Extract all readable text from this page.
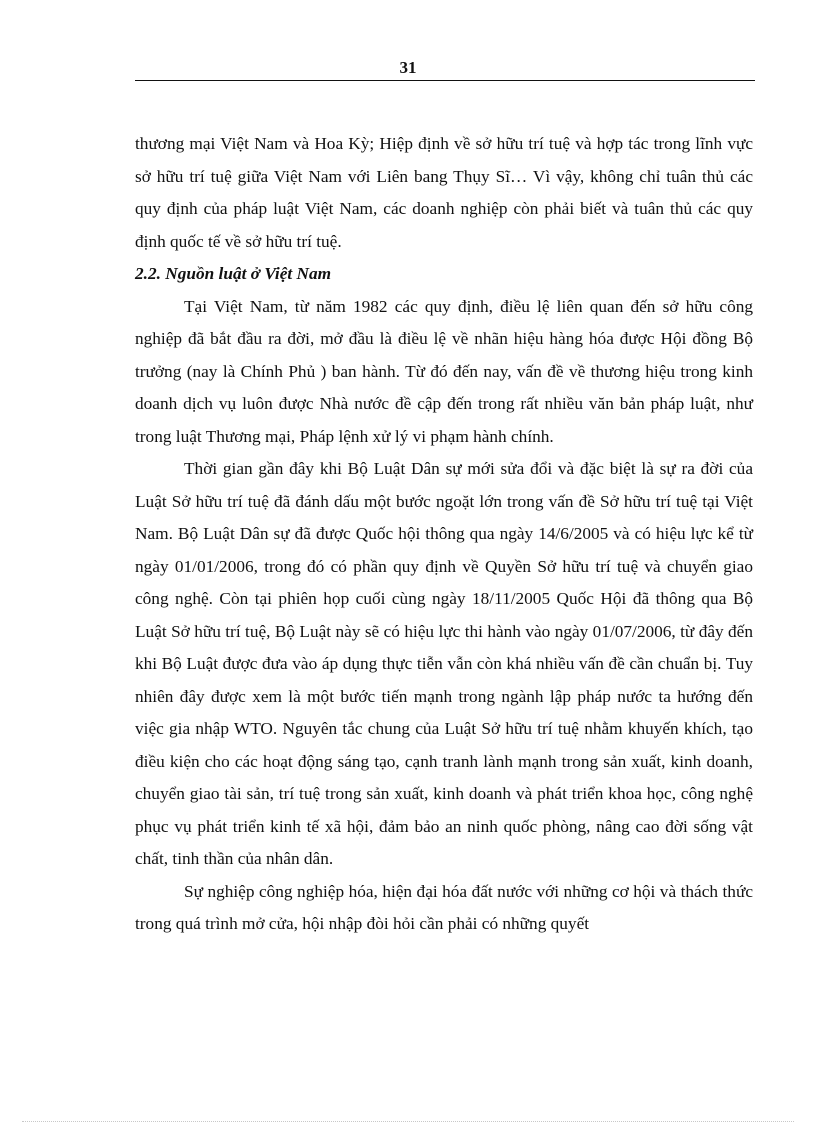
31

thương mại Việt Nam và Hoa Kỳ; Hiệp định về sở hữu trí tuệ và hợp tác trong lĩnh vực sở hữu trí tuệ giữa Việt Nam với Liên bang Thụy Sĩ… Vì vậy, không chỉ tuân thủ các quy định của pháp luật Việt Nam, các doanh nghiệp còn phải biết và tuân thủ các quy định quốc tế về sở hữu trí tuệ.

2.2. Nguồn luật ở Việt Nam

Tại Việt Nam, từ năm 1982 các quy định, điều lệ liên quan đến sở hữu công nghiệp đã bắt đầu ra đời, mở đầu là điều lệ về nhãn hiệu hàng hóa được Hội đồng Bộ trưởng (nay là Chính Phủ ) ban hành. Từ đó đến nay, vấn đề về thương hiệu trong kinh doanh dịch vụ luôn được Nhà nước đề cập đến trong rất nhiều văn bản pháp luật, như trong luật Thương mại, Pháp lệnh xử lý vi phạm hành chính.

Thời gian gần đây khi Bộ Luật Dân sự mới sửa đổi và đặc biệt là sự ra đời của Luật Sở hữu trí tuệ đã đánh dấu một bước ngoặt lớn trong vấn đề Sở hữu trí tuệ tại Việt Nam. Bộ Luật Dân sự đã được Quốc hội thông qua ngày 14/6/2005 và có hiệu lực kể từ ngày 01/01/2006, trong đó có phần quy định về Quyền Sở hữu trí tuệ và chuyển giao công nghệ. Còn tại phiên họp cuối cùng ngày 18/11/2005 Quốc Hội đã thông qua Bộ Luật Sở hữu trí tuệ, Bộ Luật này sẽ có hiệu lực thi hành vào ngày 01/07/2006, từ đây đến khi Bộ Luật được đưa vào áp dụng thực tiễn vẫn còn khá nhiều vấn đề cần chuẩn bị. Tuy nhiên đây được xem là một bước tiến mạnh trong ngành lập pháp nước ta hướng đến việc gia nhập WTO. Nguyên tắc chung của Luật Sở hữu trí tuệ nhằm khuyến khích, tạo điều kiện cho các hoạt động sáng tạo, cạnh tranh lành mạnh trong sản xuất, kinh doanh, chuyển giao tài sản, trí tuệ trong sản xuất, kinh doanh và phát triển khoa học, công nghệ phục vụ phát triển kinh tế xã hội, đảm bảo an ninh quốc phòng, nâng cao đời sống vật chất, tinh thần của nhân dân.

Sự nghiệp công nghiệp hóa, hiện đại hóa đất nước với những cơ hội và thách thức trong quá trình mở cửa, hội nhập đòi hỏi cần phải có những quyết
